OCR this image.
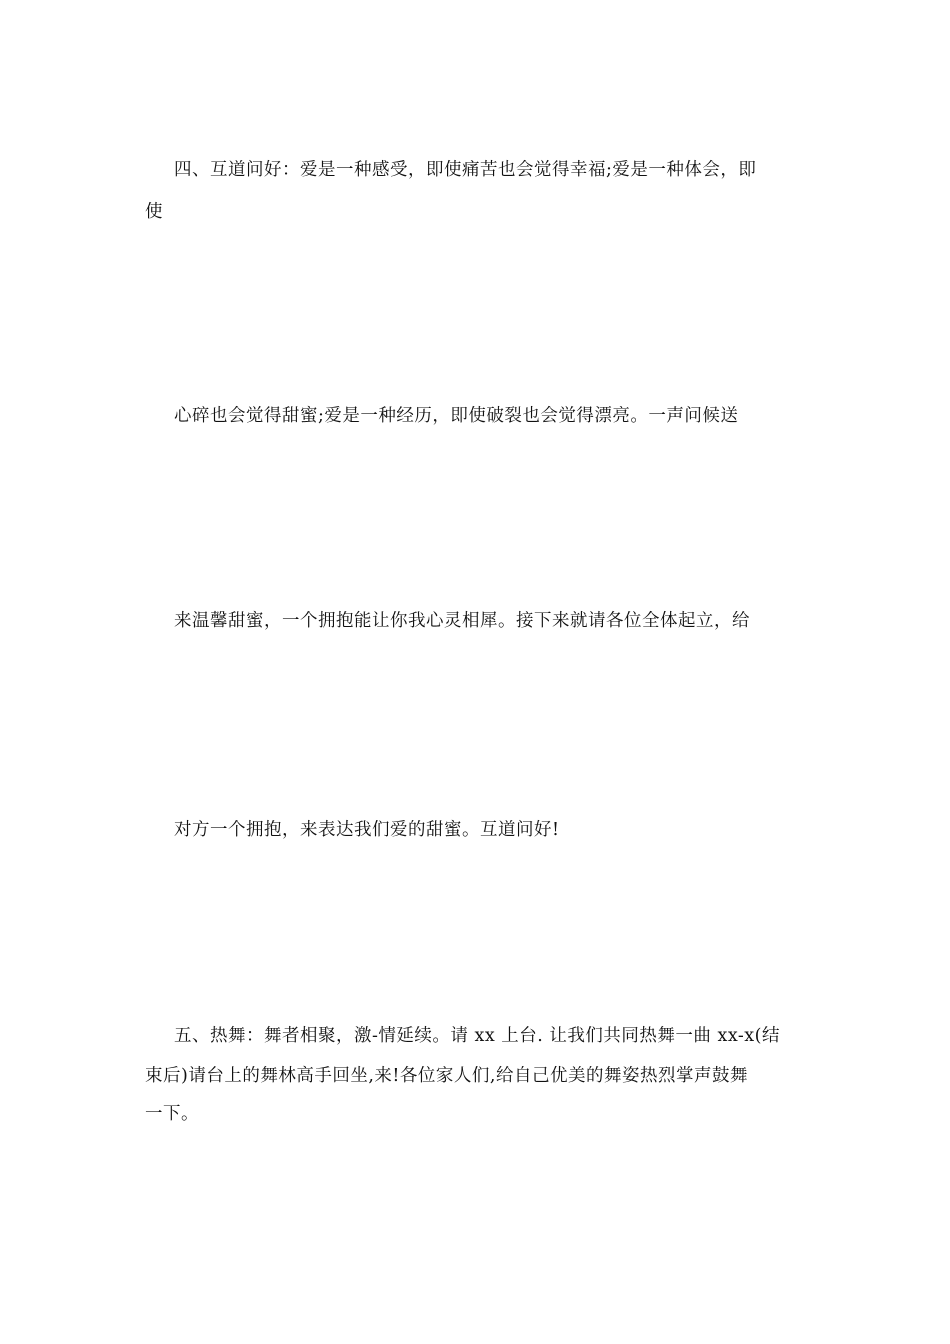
四、互道问好：爱是一种感受，即使痛苦也会觉得幸福;爱是一种体会，即

使

心碎也会觉得甜蜜;爱是一种经历，即使破裂也会觉得漂亮。一声问候送

来温馨甜蜜，一个拥抱能让你我心灵相犀。接下来就请各位全体起立，给

对方一个拥抱，来表达我们爱的甜蜜。互道问好!

五、热舞：舞者相聚，激-情延续。请 xx 上台. 让我们共同热舞一曲 xx-x(结

束后)请台上的舞林高手回坐,来!各位家人们,给自己优美的舞姿热烈掌声鼓舞

一下。
